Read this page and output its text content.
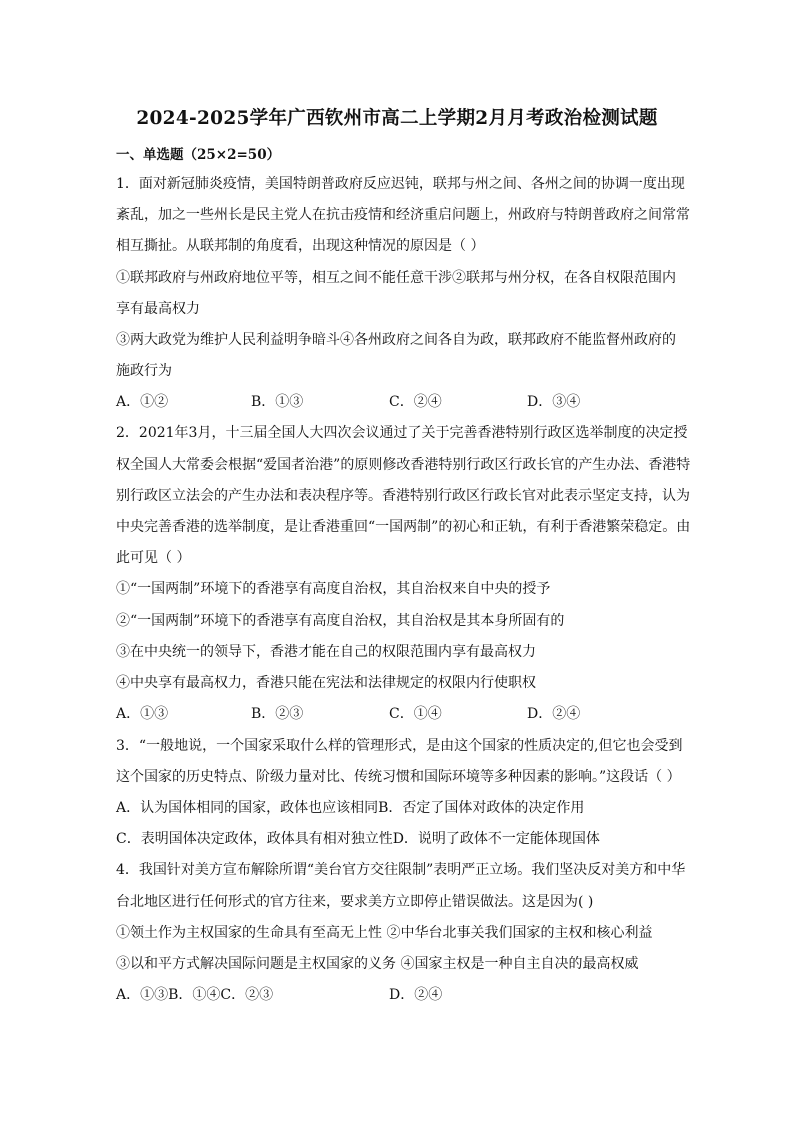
2024-2025学年广西钦州市高二上学期2月月考政治检测试题
一、单选题（25×2=50）
1．面对新冠肺炎疫情，美国特朗普政府反应迟钝，联邦与州之间、各州之间的协调一度出现
紊乱，加之一些州长是民主党人在抗击疫情和经济重启问题上，州政府与特朗普政府之间常常
相互撕扯。从联邦制的角度看，出现这种情况的原因是（ ）
①联邦政府与州政府地位平等，相互之间不能任意干涉②联邦与州分权，在各自权限范围内
享有最高权力
③两大政党为维护人民利益明争暗斗④各州政府之间各自为政，联邦政府不能监督州政府的
施政行为
A．①②	B．①③	C．②④	D．③④
2．2021年3月，十三届全国人大四次会议通过了关于完善香港特别行政区选举制度的决定授
权全国人大常委会根据“爱国者治港”的原则修改香港特别行政区行政长官的产生办法、香港特
别行政区立法会的产生办法和表决程序等。香港特别行政区行政长官对此表示坚定支持，认为
中央完善香港的选举制度，是让香港重回“一国两制”的初心和正轨，有利于香港繁荣稳定。由
此可见（ ）
①“一国两制”环境下的香港享有高度自治权，其自治权来自中央的授予
②“一国两制”环境下的香港享有高度自治权，其自治权是其本身所固有的
③在中央统一的领导下，香港才能在自己的权限范围内享有最高权力
④中央享有最高权力，香港只能在宪法和法律规定的权限内行使职权
A．①③	B．②③	C．①④	D．②④
3．“一般地说，一个国家采取什么样的管理形式，是由这个国家的性质决定的,但它也会受到
这个国家的历史特点、阶级力量对比、传统习惯和国际环境等多种因素的影响。”这段话（ ）
A．认为国体相同的国家，政体也应该相同B．否定了国体对政体的决定作用
C．表明国体决定政体，政体具有相对独立性D．说明了政体不一定能体现国体
4．我国针对美方宣布解除所谓“美台官方交往限制”表明严正立场。我们坚决反对美方和中华
台北地区进行任何形式的官方往来，要求美方立即停止错误做法。这是因为( )
①领土作为主权国家的生命具有至高无上性 ②中华台北事关我们国家的主权和核心利益
③以和平方式解决国际问题是主权国家的义务 ④国家主权是一种自主自决的最高权威
A．①③B．①④C．②③	D．②④
